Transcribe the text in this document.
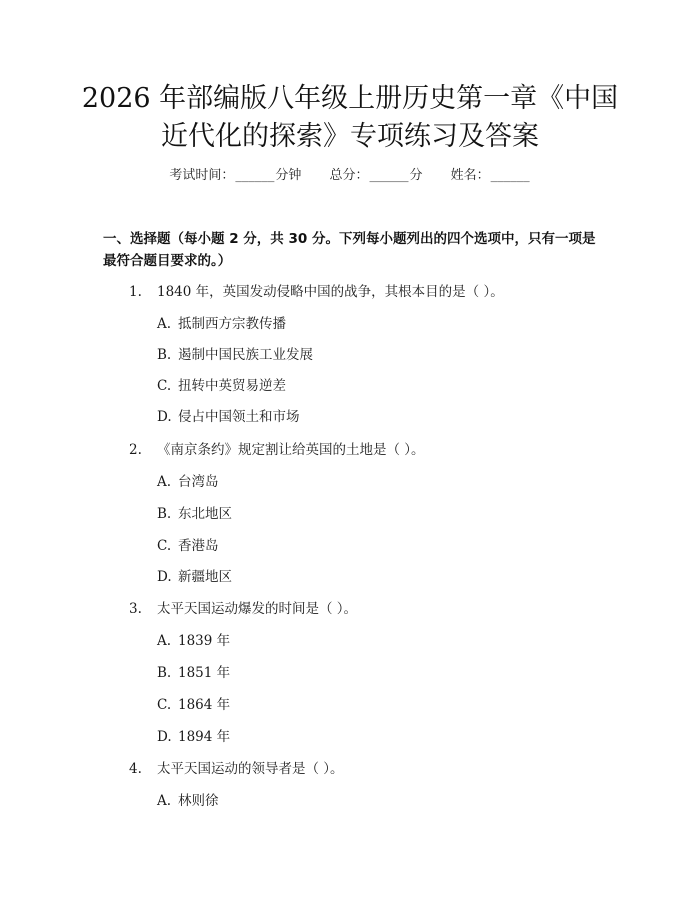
2026 年部编版八年级上册历史第一章《中国
近代化的探索》专项练习及答案
考试时间：______分钟 总分：______分 姓名：______
一、选择题（每小题 2 分，共 30 分。下列每小题列出的四个选项中，只有一项是
最符合题目要求的。）
1. 1840 年，英国发动侵略中国的战争，其根本目的是（ ）。
A. 抵制西方宗教传播
B. 遏制中国民族工业发展
C. 扭转中英贸易逆差
D. 侵占中国领土和市场
2. 《南京条约》规定割让给英国的土地是（ ）。
A. 台湾岛
B. 东北地区
C. 香港岛
D. 新疆地区
3. 太平天国运动爆发的时间是（ ）。
A. 1839 年
B. 1851 年
C. 1864 年
D. 1894 年
4. 太平天国运动的领导者是（ ）。
A. 林则徐
